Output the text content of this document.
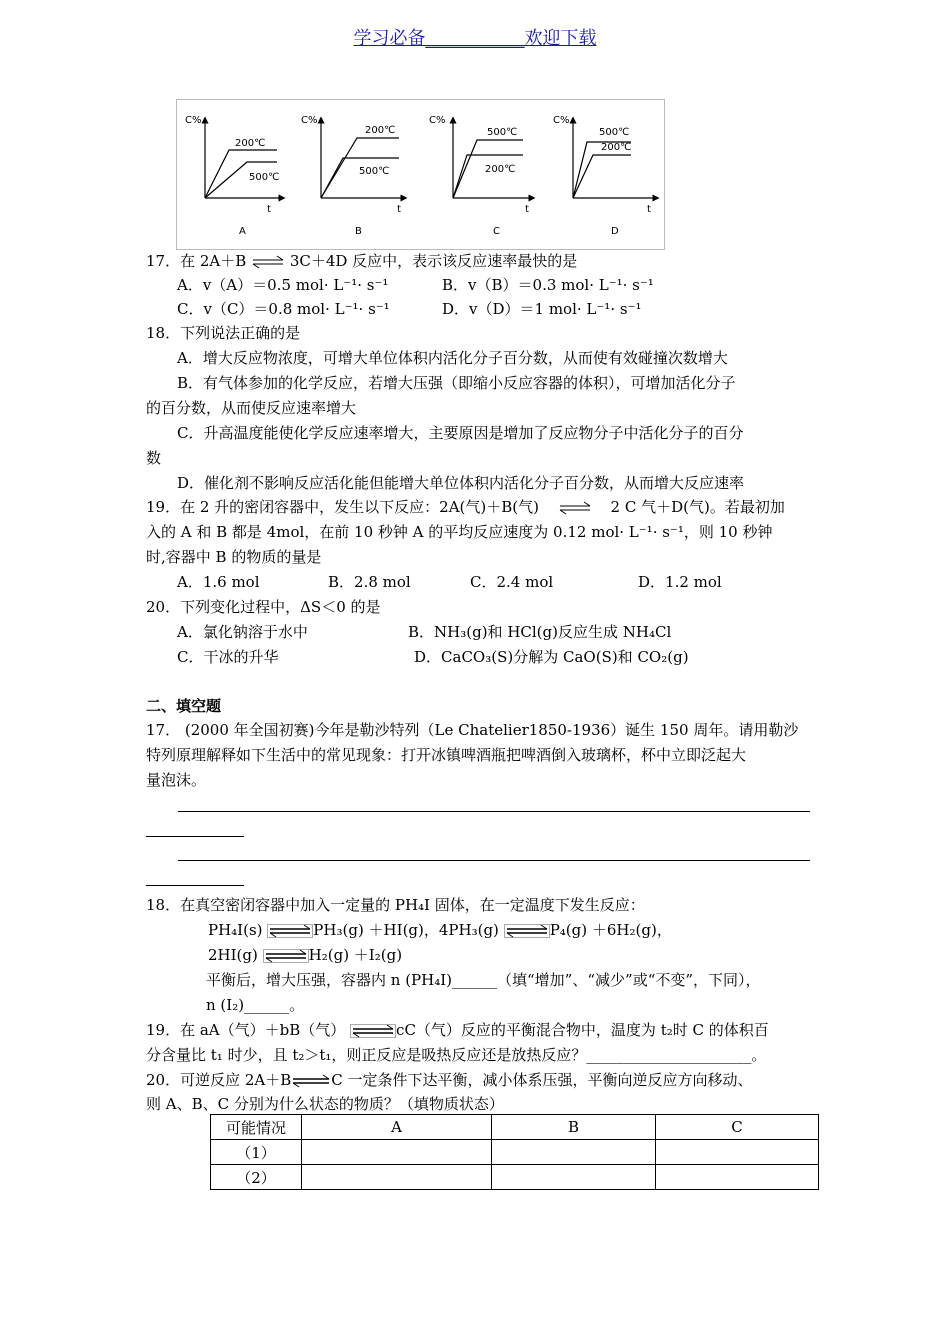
学习必备___________欢迎下载
C%
t
200℃
500℃
A
C%
t
200℃
500℃
B
C%
t
500℃
200℃
C
C%
t
500℃
200℃
D
17．在 2A＋B ⇌ 3C＋4D 反应中，表示该反应速率最快的是
A．v（A）＝0.5 mol· L⁻¹· s⁻¹	B．v（B）＝0.3 mol· L⁻¹· s⁻¹
C．v（C）＝0.8 mol· L⁻¹· s⁻¹	D．v（D）＝1 mol· L⁻¹· s⁻¹
18．下列说法正确的是
A．增大反应物浓度，可增大单位体积内活化分子百分数，从而使有效碰撞次数增大
B．有气体参加的化学反应，若增大压强（即缩小反应容器的体积），可增加活化分子
的百分数，从而使反应速率增大
C．升高温度能使化学反应速率增大，主要原因是增加了反应物分子中活化分子的百分
数
D．催化剂不影响反应活化能但能增大单位体积内活化分子百分数，从而增大反应速率
19．在 2 升的密闭容器中，发生以下反应：2A(气)＋B(气) ⇌ 2 C 气＋D(气)。若最初加
入的 A 和 B 都是 4mol，在前 10 秒钟 A 的平均反应速度为 0.12 mol· L⁻¹· s⁻¹，则 10 秒钟
时,容器中 B 的物质的量是
A．1.6 mol	B．2.8 mol	C．2.4 mol	D．1.2 mol
20．下列变化过程中，ΔS＜0 的是
A．氯化钠溶于水中	B．NH₃(g)和 HCl(g)反应生成 NH₄Cl
C．干冰的升华	D．CaCO₃(S)分解为 CaO(S)和 CO₂(g)
二、填空题
17． (2000 年全国初赛)今年是勒沙特列（Le Chatelier1850-1936）诞生 150 周年。请用勒沙
特列原理解释如下生活中的常见现象：打开冰镇啤酒瓶把啤酒倒入玻璃杯，杯中立即泛起大
量泡沫。
18．在真空密闭容器中加入一定量的 PH₄I 固体，在一定温度下发生反应：
PH₄I(s)	PH₃(g) ＋HI(g)，4PH₃(g)	P₄(g) ＋6H₂(g)，
2HI(g)	H₂(g) ＋I₂(g)
平衡后，增大压强，容器内 n (PH₄I)______（填“增加”、“减少”或“不变”，下同），
n (I₂)______。
19．在 aA（气）＋bB（气）	cC（气）反应的平衡混合物中，温度为 t₂时 C 的体积百
分含量比 t₁ 时少，且 t₂＞t₁，则正反应是吸热反应还是放热反应？______________________。
20．可逆反应 2A＋B⇌C 一定条件下达平衡，减小体系压强，平衡向逆反应方向移动、
则 A、B、C 分别为什么状态的物质？（填物质状态）
可能情况	A	B	C
（1）			
（2）			
